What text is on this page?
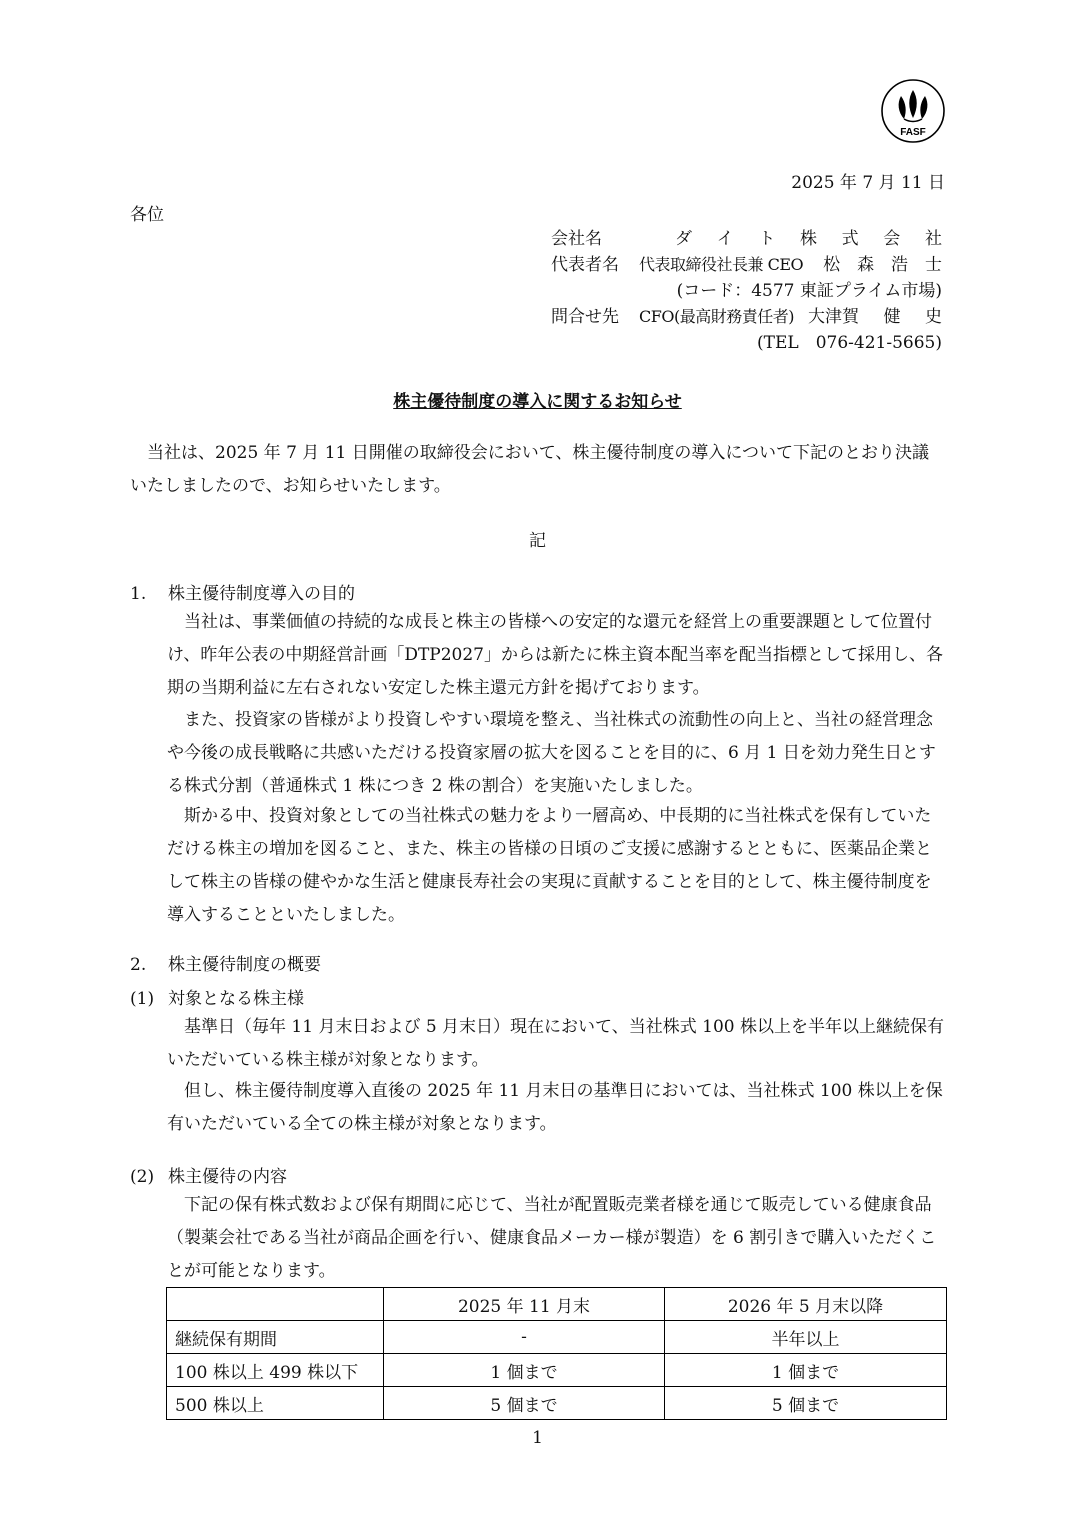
FASF
2025 年 7 月 11 日
各位
会社名	ダ イ ト 株 式 会 社
代表者名	代表取締役社長兼 CEO 松 森 浩 士
(コード：4577 東証プライム市場)
問合せ先	CFO(最高財務責任者) 大津賀 健 史
(TEL　076-421-5665)
株主優待制度の導入に関するお知らせ
当社は、2025 年 7 月 11 日開催の取締役会において、株主優待制度の導入について下記のとおり決議いたしましたので、お知らせいたします。
記
1. 株主優待制度導入の目的
当社は、事業価値の持続的な成長と株主の皆様への安定的な還元を経営上の重要課題として位置付け、昨年公表の中期経営計画「DTP2027」からは新たに株主資本配当率を配当指標として採用し、各期の当期利益に左右されない安定した株主還元方針を掲げております。
また、投資家の皆様がより投資しやすい環境を整え、当社株式の流動性の向上と、当社の経営理念や今後の成長戦略に共感いただける投資家層の拡大を図ることを目的に、6 月 1 日を効力発生日とする株式分割（普通株式 1 株につき 2 株の割合）を実施いたしました。
斯かる中、投資対象としての当社株式の魅力をより一層高め、中長期的に当社株式を保有していただける株主の増加を図ること、また、株主の皆様の日頃のご支援に感謝するとともに、医薬品企業として株主の皆様の健やかな生活と健康長寿社会の実現に貢献することを目的として、株主優待制度を導入することといたしました。
2. 株主優待制度の概要
(1) 対象となる株主様
基準日（毎年 11 月末日および 5 月末日）現在において、当社株式 100 株以上を半年以上継続保有いただいている株主様が対象となります。
但し、株主優待制度導入直後の 2025 年 11 月末日の基準日においては、当社株式 100 株以上を保有いただいている全ての株主様が対象となります。
(2) 株主優待の内容
下記の保有株式数および保有期間に応じて、当社が配置販売業者様を通じて販売している健康食品（製薬会社である当社が商品企画を行い、健康食品メーカー様が製造）を 6 割引きで購入いただくことが可能となります。
	2025 年 11 月末	2026 年 5 月末以降
継続保有期間	-	半年以上
100 株以上 499 株以下	1 個まで	1 個まで
500 株以上	5 個まで	5 個まで
1
